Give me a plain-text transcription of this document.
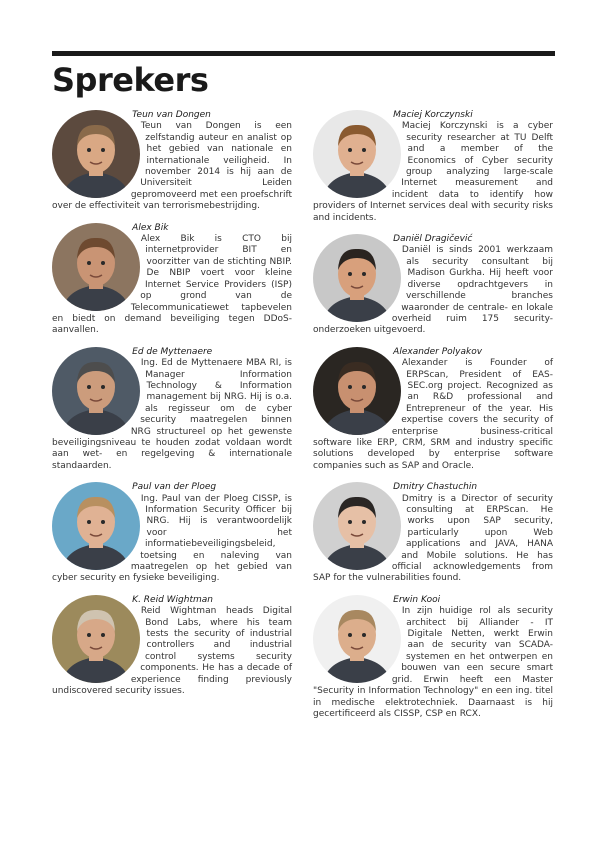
Sprekers
Teun van Dongen

Teun van Dongen is een zelfstandig auteur en analist op het gebied van nationale en internationale veiligheid. In november 2014 is hij aan de Universiteit Leiden gepromoveerd met een proefschrift over de effectiviteit van terrorismebestrijding.

Alex Bik

Alex Bik is CTO bij internetprovider BIT en voorzitter van de stichting NBIP. De NBIP voert voor kleine Internet Service Providers (ISP) op grond van de Telecommunicatiewet tapbevelen en biedt on demand beveiliging tegen DDoS-aanvallen.

Ed de Myttenaere

Ing. Ed de Myttenaere MBA RI, is Manager Information Technology & Information management bij NRG. Hij is o.a. als regisseur om de cyber security maatregelen binnen NRG structureel op het gewenste beveiligingsniveau te houden zodat voldaan wordt aan wet- en regelgeving & internationale standaarden.

Paul van der Ploeg

Ing. Paul van der Ploeg CISSP, is Information Security Officer bij NRG. Hij is verantwoordelijk voor het informatiebeveiligingsbeleid, toetsing en naleving van maatregelen op het gebied van cyber security en fysieke beveiliging.

K. Reid Wightman

Reid Wightman heads Digital Bond Labs, where his team tests the security of industrial controllers and industrial control systems security components. He has a decade of experience finding previously undiscovered security issues.

Maciej Korczynski

Maciej Korczynski is a cyber security researcher at TU Delft and a member of the Economics of Cyber security group analyzing large-scale Internet measurement and incident data to identify how providers of Internet services deal with security risks and incidents.

Daniël Dragičević

Daniël is sinds 2001 werkzaam als security consultant bij Madison Gurkha. Hij heeft voor diverse opdrachtgevers in verschillende branches waaronder de centrale- en lokale overheid ruim 175 security-onderzoeken uitgevoerd.

Alexander Polyakov

Alexander is Founder of ERPScan, President of EAS-SEC.org project. Recognized as an R&D professional and Entrepreneur of the year. His expertise covers the security of enterprise business-critical software like ERP, CRM, SRM and industry specific solutions developed by enterprise software companies such as SAP and Oracle.

Dmitry Chastuchin

Dmitry is a Director of security consulting at ERPScan. He works upon SAP security, particularly upon Web applications and JAVA, HANA and Mobile solutions. He has official acknowledgements from SAP for the vulnerabilities found.

Erwin Kooi

In zijn huidige rol als security architect bij Alliander - IT Digitale Netten, werkt Erwin aan de security van SCADA-systemen en het ontwerpen en bouwen van een secure smart grid. Erwin heeft een Master "Security in Information Technology" en een ing. titel in medische elektrotechniek. Daarnaast is hij gecertificeerd als CISSP, CSP en RCX.
